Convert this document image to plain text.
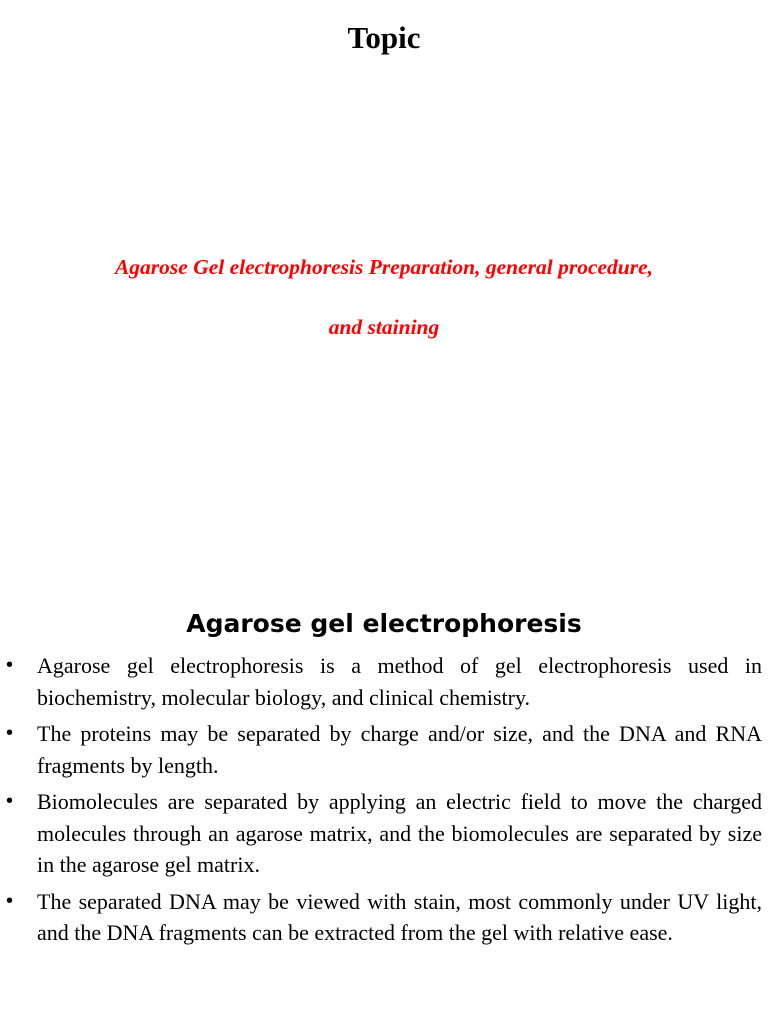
Topic
Agarose Gel electrophoresis Preparation, general procedure,
and staining
Agarose gel electrophoresis
• Agarose gel electrophoresis is a method of gel electrophoresis used in biochemistry, molecular biology, and clinical chemistry.
• The proteins may be separated by charge and/or size, and the DNA and RNA fragments by length.
• Biomolecules are separated by applying an electric field to move the charged molecules through an agarose matrix, and the biomolecules are separated by size in the agarose gel matrix.
• The separated DNA may be viewed with stain, most commonly under UV light, and the DNA fragments can be extracted from the gel with relative ease.
